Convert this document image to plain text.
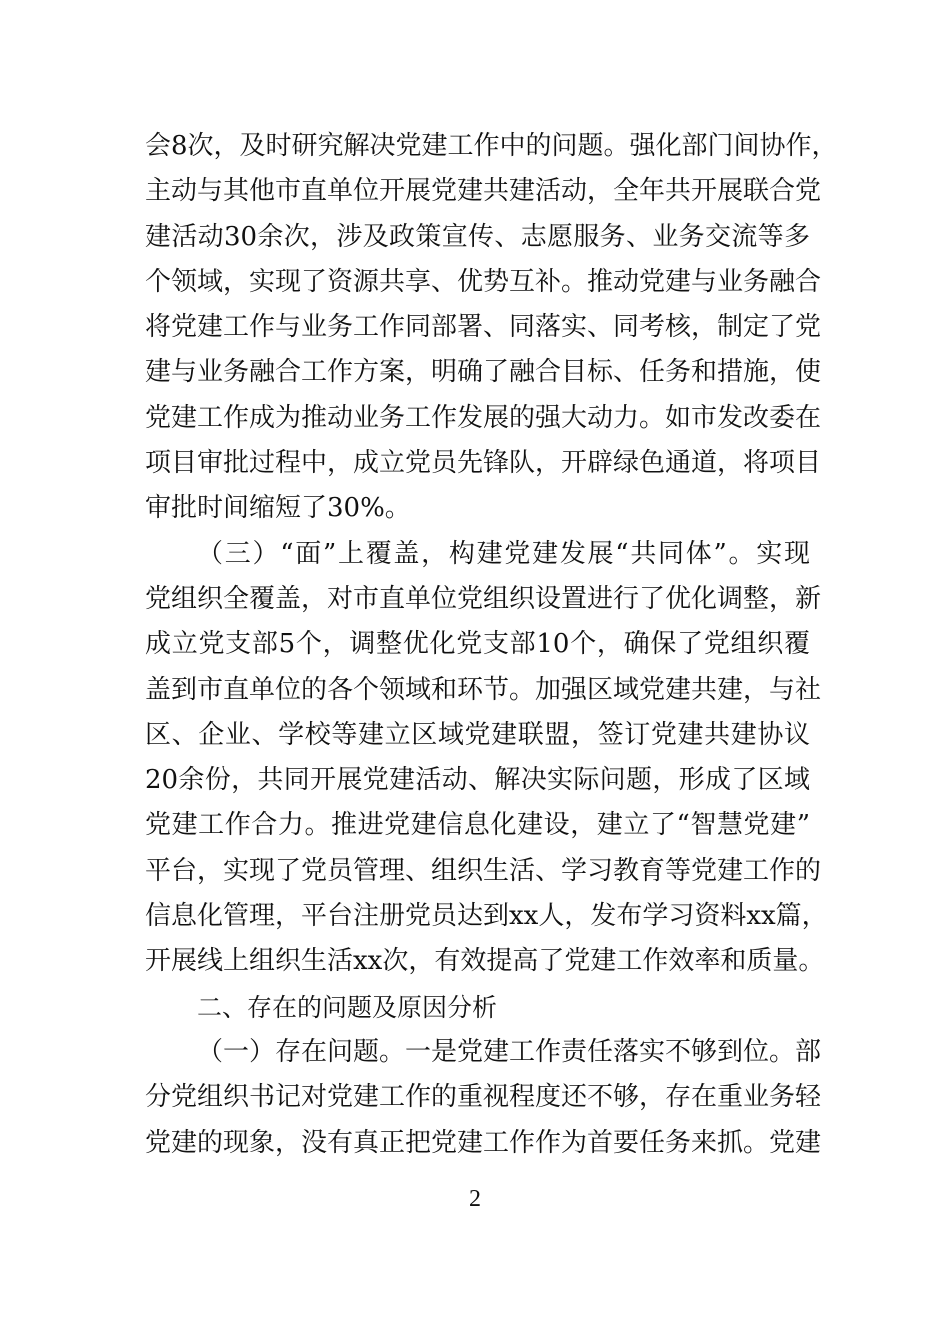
会8次，及时研究解决党建工作中的问题。强化部门间协作，
主动与其他市直单位开展党建共建活动，全年共开展联合党
建活动30余次，涉及政策宣传、志愿服务、业务交流等多
个领域，实现了资源共享、优势互补。推动党建与业务融合
将党建工作与业务工作同部署、同落实、同考核，制定了党
建与业务融合工作方案，明确了融合目标、任务和措施，使
党建工作成为推动业务工作发展的强大动力。如市发改委在
项目审批过程中，成立党员先锋队，开辟绿色通道，将项目
审批时间缩短了30%。
（三）“面”上覆盖，构建党建发展“共同体”。实现
党组织全覆盖，对市直单位党组织设置进行了优化调整，新
成立党支部5个，调整优化党支部10个，确保了党组织覆
盖到市直单位的各个领域和环节。加强区域党建共建，与社
区、企业、学校等建立区域党建联盟，签订党建共建协议
20余份，共同开展党建活动、解决实际问题，形成了区域
党建工作合力。推进党建信息化建设，建立了“智慧党建”
平台，实现了党员管理、组织生活、学习教育等党建工作的
信息化管理，平台注册党员达到xx人，发布学习资料xx篇，
开展线上组织生活xx次，有效提高了党建工作效率和质量。
二、存在的问题及原因分析
（一）存在问题。一是党建工作责任落实不够到位。部
分党组织书记对党建工作的重视程度还不够，存在重业务轻
党建的现象，没有真正把党建工作作为首要任务来抓。党建
2
